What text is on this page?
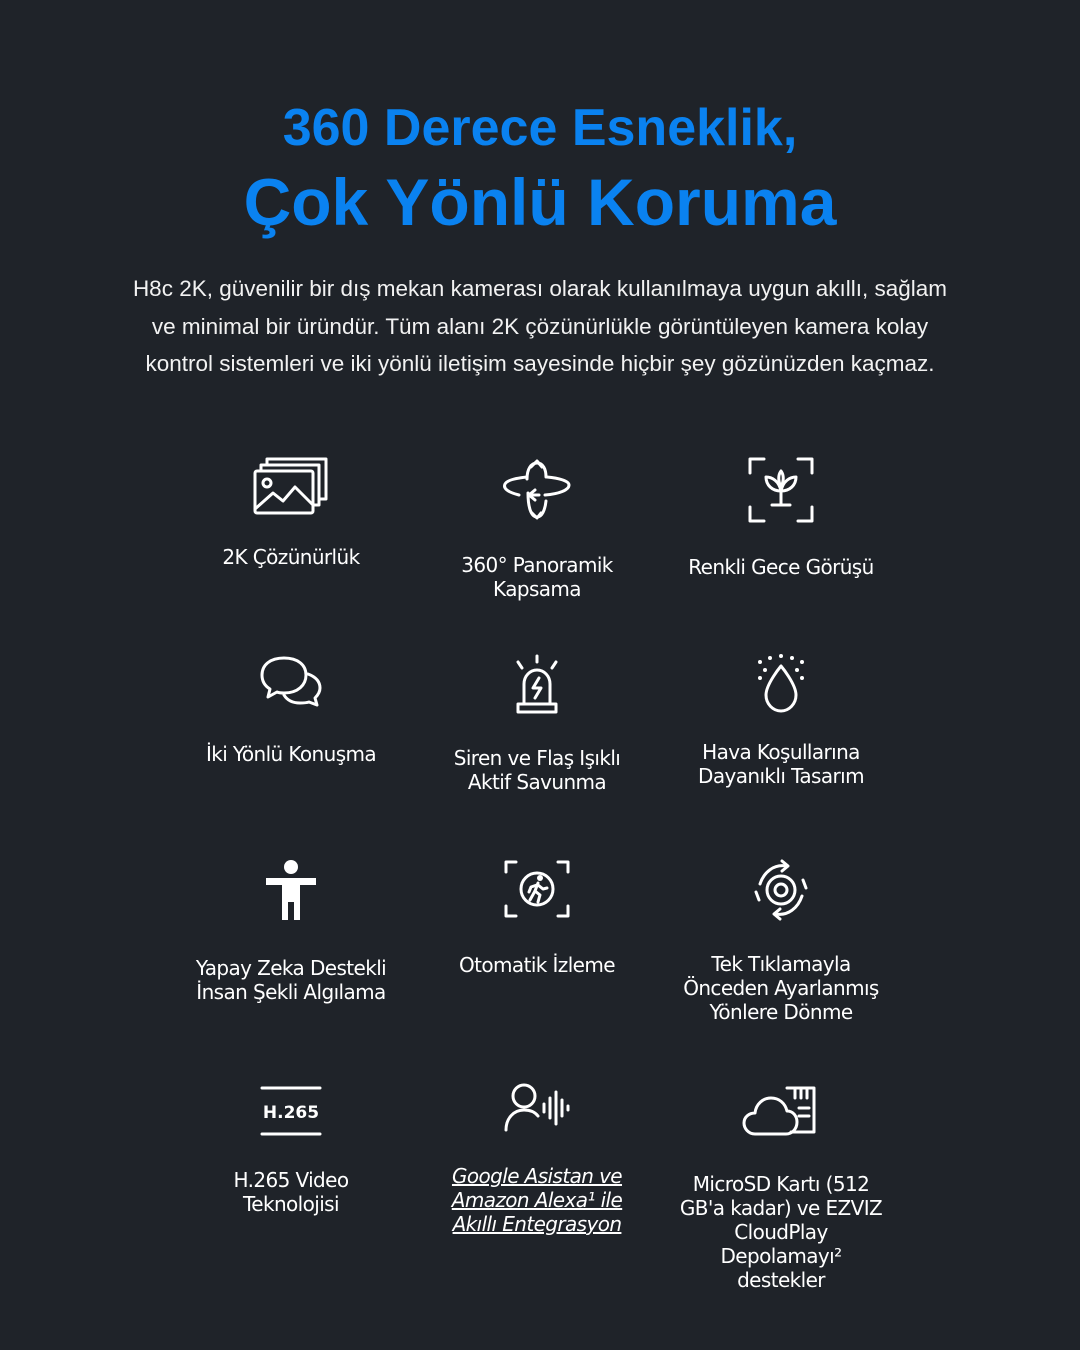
360 Derece Esneklik,
Çok Yönlü Koruma
H8c 2K, güvenilir bir dış mekan kamerası olarak kullanılmaya uygun akıllı, sağlam
ve minimal bir üründür. Tüm alanı 2K çözünürlükle görüntüleyen kamera kolay
kontrol sistemleri ve iki yönlü iletişim sayesinde hiçbir şey gözünüzden kaçmaz.
2K Çözünürlük	360° Panoramik
Kapsama
Renkli Gece Görüşü
İki Yönlü Konuşma	Siren ve Flaş Işıklı
Aktif Savunma
Hava Koşullarına
Dayanıklı Tasarım
Yapay Zeka Destekli
İnsan Şekli Algılama
Otomatik İzleme	Tek Tıklamayla
Önceden Ayarlanmış
Yönlere Dönme
H.265
H.265 Video
Teknolojisi
Google Asistan ve
Amazon Alexa¹ ile
Akıllı Entegrasyon
MicroSD Kartı (512
GB'a kadar) ve EZVIZ
CloudPlay
Depolamayı²
destekler
